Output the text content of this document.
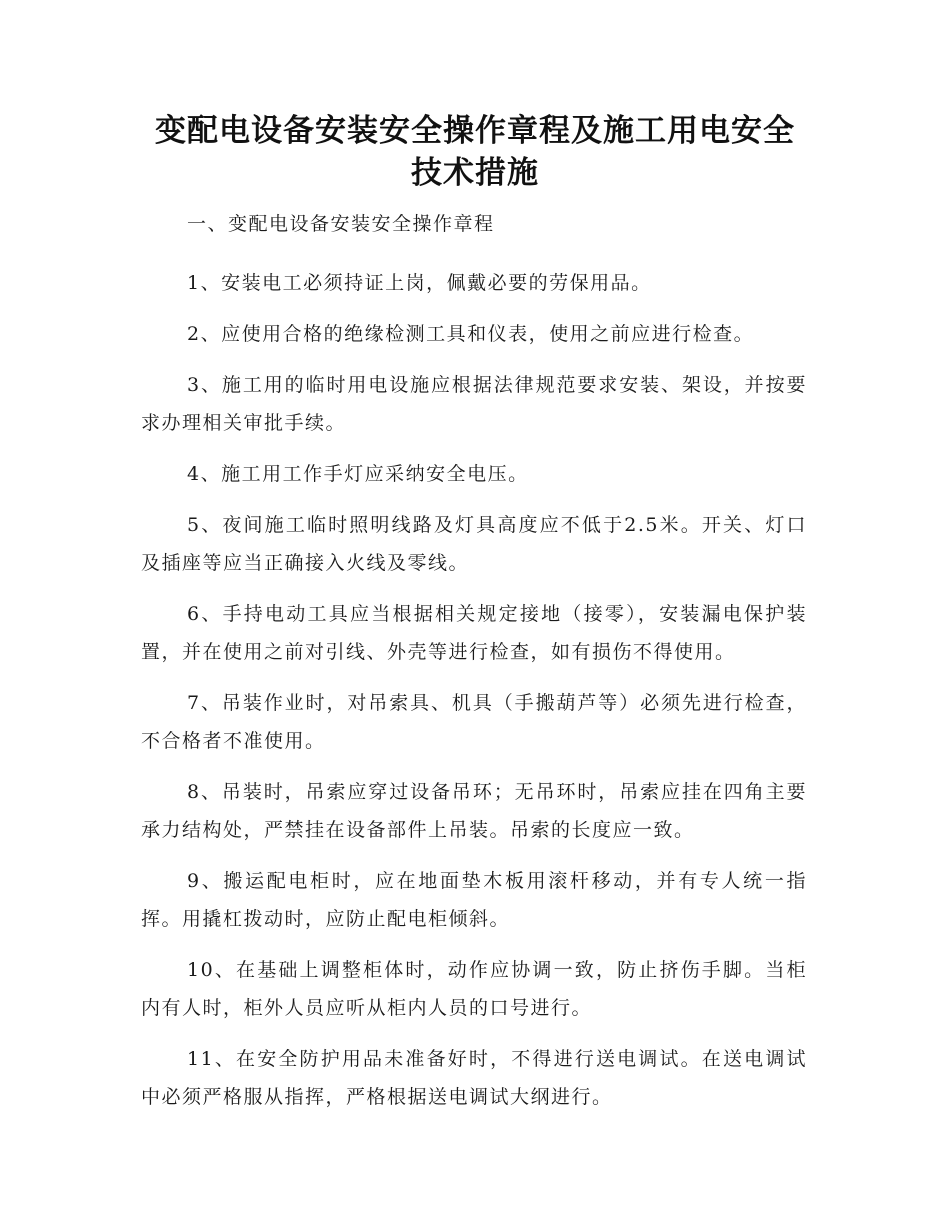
变配电设备安装安全操作章程及施工用电安全技术措施

一、变配电设备安装安全操作章程

1、安装电工必须持证上岗，佩戴必要的劳保用品。

2、应使用合格的绝缘检测工具和仪表，使用之前应进行检查。

3、施工用的临时用电设施应根据法律规范要求安装、架设，并按要求办理相关审批手续。

4、施工用工作手灯应采纳安全电压。

5、夜间施工临时照明线路及灯具高度应不低于2.5米。开关、灯口及插座等应当正确接入火线及零线。

6、手持电动工具应当根据相关规定接地（接零），安装漏电保护装置，并在使用之前对引线、外壳等进行检查，如有损伤不得使用。

7、吊装作业时，对吊索具、机具（手搬葫芦等）必须先进行检查，不合格者不准使用。

8、吊装时，吊索应穿过设备吊环；无吊环时，吊索应挂在四角主要承力结构处，严禁挂在设备部件上吊装。吊索的长度应一致。

9、搬运配电柜时，应在地面垫木板用滚杆移动，并有专人统一指挥。用撬杠拨动时，应防止配电柜倾斜。

10、在基础上调整柜体时，动作应协调一致，防止挤伤手脚。当柜内有人时，柜外人员应听从柜内人员的口号进行。

11、在安全防护用品未准备好时，不得进行送电调试。在送电调试中必须严格服从指挥，严格根据送电调试大纲进行。
